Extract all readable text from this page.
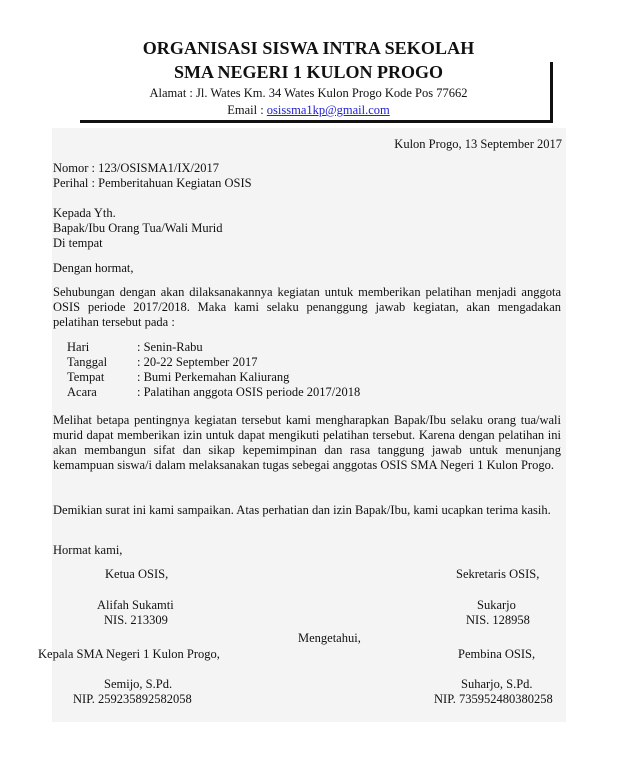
ORGANISASI SISWA INTRA SEKOLAH
SMA NEGERI 1 KULON PROGO
Alamat : Jl. Wates Km. 34 Wates Kulon Progo Kode Pos 77662
Email : osissma1kp@gmail.com
Kulon Progo, 13 September 2017
Nomor : 123/OSISMA1/IX/2017
Perihal : Pemberitahuan Kegiatan OSIS
Kepada Yth.
Bapak/Ibu Orang Tua/Wali Murid
Di tempat
Dengan hormat,
Sehubungan dengan akan dilaksanakannya kegiatan untuk memberikan pelatihan menjadi anggota OSIS periode 2017/2018. Maka kami selaku penanggung jawab kegiatan, akan mengadakan pelatihan tersebut pada :
Hari	: Senin-Rabu
Tanggal : 20-22 September 2017
Tempat	: Bumi Perkemahan Kaliurang
Acara	: Palatihan anggota OSIS periode 2017/2018
Melihat betapa pentingnya kegiatan tersebut kami mengharapkan Bapak/Ibu selaku orang tua/wali murid dapat memberikan izin untuk dapat mengikuti pelatihan tersebut. Karena dengan pelatihan ini akan membangun sifat dan sikap kepemimpinan dan rasa tanggung jawab untuk menunjang kemampuan siswa/i dalam melaksanakan tugas sebegai anggotas OSIS SMA Negeri 1 Kulon Progo.
Demikian surat ini kami sampaikan. Atas perhatian dan izin Bapak/Ibu, kami ucapkan terima kasih.
Hormat kami,
Ketua OSIS,	Sekretaris OSIS,
Alifah Sukamti	Sukarjo
NIS. 213309	NIS. 128958
Mengetahui,
Kepala SMA Negeri 1 Kulon Progo,	Pembina OSIS,
Semijo, S.Pd.	Suharjo, S.Pd.
NIP. 259235892582058	NIP. 735952480380258
